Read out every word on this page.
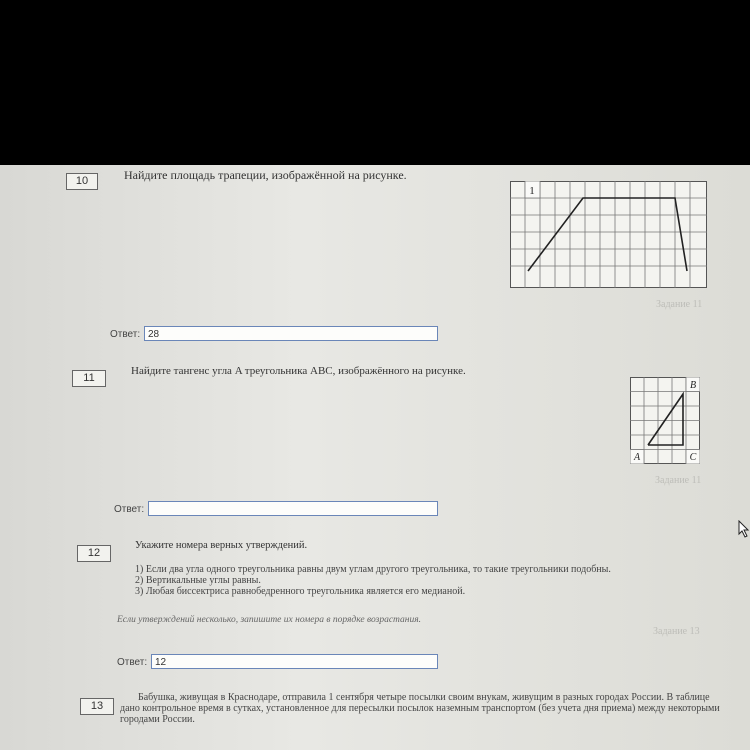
10	Найдите площадь трапеции, изображённой на рисунке.
1
Задание 11
Ответ: 28
11
Найдите тангенс угла A треугольника ABC, изображённого на рисунке.
B
A	C
Задание 11
Ответ:
12
Укажите номера верных утверждений.
1) Если два угла одного треугольника равны двум углам другого треугольника, то такие треугольники подобны.
2) Вертикальные углы равны.
3) Любая биссектриса равнобедренного треугольника является его медианой.
Если утверждений несколько, запишите их номера в порядке возрастания.
Задание 13
Ответ: 12
13
Бабушка, живущая в Краснодаре, отправила 1 сентября четыре посылки своим внукам, живущим в разных городах России. В таблице дано контрольное время в сутках, установленное для пересылки посылок наземным транспортом (без учета дня приема) между некоторыми городами России.
